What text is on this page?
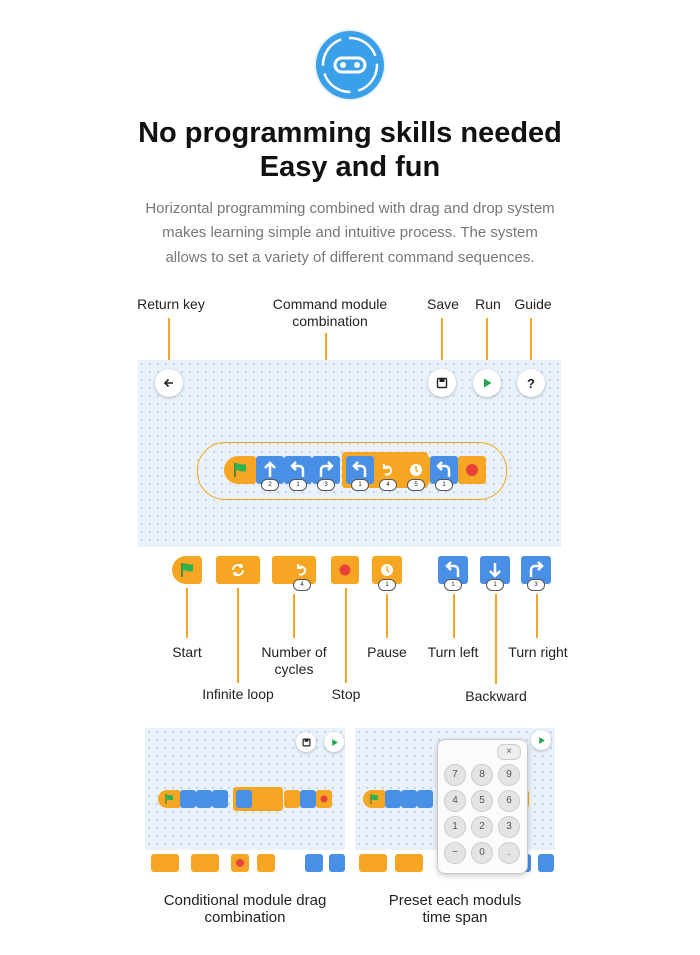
No programming skills needed
Easy and fun
Horizontal programming combined with drag and drop system
makes learning simple and intuitive process. The system
allows to set a variety of different command sequences.
Return key	Command module
combination
Save	Run Guide
?
2	1	3	1	4	5	1
4	1	1	1	3
Start
Infinite loop
Number of
cycles
Stop
Pause	Turn left
Backward
Turn right
×
7	8	9
4	5	6
1	2	3
−	0	.
Conditional module drag
combination
Preset each moduls
time span
